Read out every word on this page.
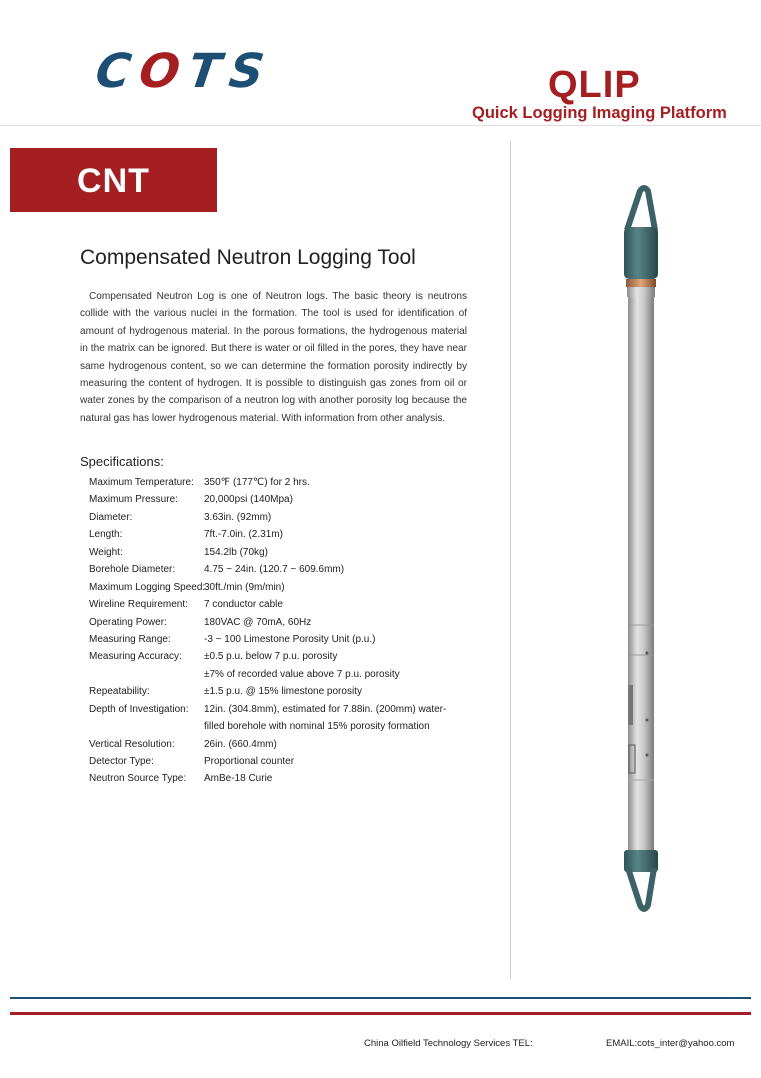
COTS	QLIP
Quick Logging Imaging Platform
CNT
Compensated Neutron Logging Tool
Compensated Neutron Log is one of Neutron logs. The basic theory is neutrons collide with the various nuclei in the formation. The tool is used for identification of amount of hydrogenous material. In the porous formations, the hydrogenous material in the matrix can be ignored. But there is water or oil filled in the pores, they have near same hydrogenous content, so we can determine the formation porosity indirectly by measuring the content of hydrogen. It is possible to distinguish gas zones from oil or water zones by the comparison of a neutron log with another porosity log because the natural gas has lower hydrogenous material. With information from other analysis.
Specifications:
Maximum Temperature:	350℉ (177℃) for 2 hrs.
Maximum Pressure:	20,000psi (140Mpa)
Diameter:	3.63in. (92mm)
Length:	7ft.-7.0in. (2.31m)
Weight:	154.2lb (70kg)
Borehole Diameter:	4.75 ~ 24in. (120.7 ~ 609.6mm)
Maximum Logging Speed:
30ft./min (9m/min)
Wireline Requirement:	7 conductor cable
Operating Power:	180VAC @ 70mA, 60Hz
Measuring Range:	-3 ~ 100 Limestone Porosity Unit (p.u.)
Measuring Accuracy:	±0.5 p.u. below 7 p.u. porosity
±7% of recorded value above 7 p.u. porosity
Repeatability:	±1.5 p.u. @ 15% limestone porosity
Depth of Investigation:	12in. (304.8mm), estimated for 7.88in. (200mm) water-
filled borehole with nominal 15% porosity formation
Vertical Resolution:	26in. (660.4mm)
Detector Type:	Proportional counter
Neutron Source Type:	AmBe-18 Curie
China Oilfield Technology Services TEL:	EMAIL:cots_inter@yahoo.com
